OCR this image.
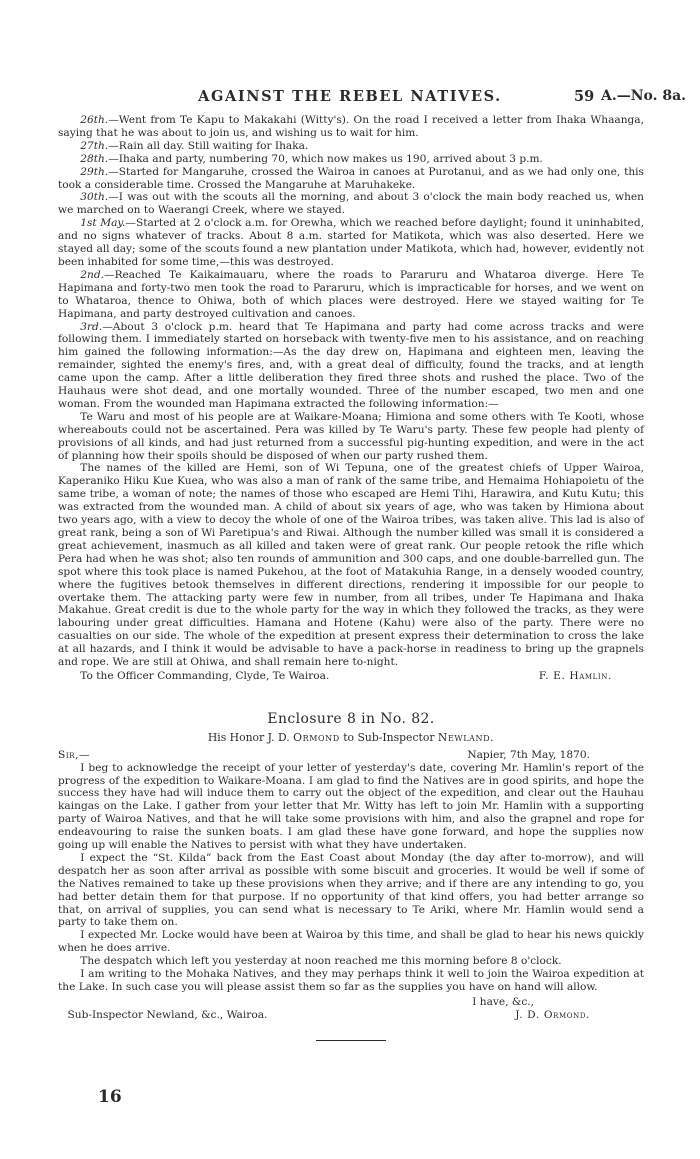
AGAINST THE REBEL NATIVES.	59 A.—No. 8a.

26th.—Went from Te Kapu to Makakahi (Witty's). On the road I received a letter from Ihaka Whaanga, saying that he was about to join us, and wishing us to wait for him.

27th.—Rain all day. Still waiting for Ihaka.

28th.—Ihaka and party, numbering 70, which now makes us 190, arrived about 3 p.m.

29th.—Started for Mangaruhe, crossed the Wairoa in canoes at Purotanui, and as we had only one, this took a considerable time. Crossed the Mangaruhe at Maruhakeke.

30th.—I was out with the scouts all the morning, and about 3 o'clock the main body reached us, when we marched on to Waerangi Creek, where we stayed.

1st May.—Started at 2 o'clock a.m. for Orewha, which we reached before daylight; found it uninhabited, and no signs whatever of tracks. About 8 a.m. started for Matikota, which was also deserted. Here we stayed all day; some of the scouts found a new plantation under Matikota, which had, however, evidently not been inhabited for some time,—this was destroyed.

2nd.—Reached Te Kaikaimauaru, where the roads to Pararuru and Whataroa diverge. Here Te Hapimana and forty-two men took the road to Pararuru, which is impracticable for horses, and we went on to Whataroa, thence to Ohiwa, both of which places were destroyed. Here we stayed waiting for Te Hapimana, and party destroyed cultivation and canoes.

3rd.—About 3 o'clock p.m. heard that Te Hapimana and party had come across tracks and were following them. I immediately started on horseback with twenty-five men to his assistance, and on reaching him gained the following information:—As the day drew on, Hapimana and eighteen men, leaving the remainder, sighted the enemy's fires, and, with a great deal of difficulty, found the tracks, and at length came upon the camp. After a little deliberation they fired three shots and rushed the place. Two of the Hauhaus were shot dead, and one mortally wounded. Three of the number escaped, two men and one woman. From the wounded man Hapimana extracted the following information:—

Te Waru and most of his people are at Waikare-Moana; Himiona and some others with Te Kooti, whose whereabouts could not be ascertained. Pera was killed by Te Waru's party. These few people had plenty of provisions of all kinds, and had just returned from a successful pig-hunting expedition, and were in the act of planning how their spoils should be disposed of when our party rushed them.

The names of the killed are Hemi, son of Wi Tepuna, one of the greatest chiefs of Upper Wairoa, Kaperaniko Hiku Kue Kuea, who was also a man of rank of the same tribe, and Hemaima Hohiapoietu of the same tribe, a woman of note; the names of those who escaped are Hemi Tihi, Harawira, and Kutu Kutu; this was extracted from the wounded man. A child of about six years of age, who was taken by Himiona about two years ago, with a view to decoy the whole of one of the Wairoa tribes, was taken alive. This lad is also of great rank, being a son of Wi Paretipua's and Riwai. Although the number killed was small it is considered a great achievement, inasmuch as all killed and taken were of great rank. Our people retook the rifle which Pera had when he was shot; also ten rounds of ammunition and 300 caps, and one double-barrelled gun. The spot where this took place is named Pukehou, at the foot of Matakuhia Range, in a densely wooded country, where the fugitives betook themselves in different directions, rendering it impossible for our people to overtake them. The attacking party were few in number, from all tribes, under Te Hapimana and Ihaka Makahue. Great credit is due to the whole party for the way in which they followed the tracks, as they were labouring under great difficulties. Hamana and Hotene (Kahu) were also of the party. There were no casualties on our side. The whole of the expedition at present express their determination to cross the lake at all hazards, and I think it would be advisable to have a pack-horse in readiness to bring up the grapnels and rope. We are still at Ohiwa, and shall remain here to-night.

To the Officer Commanding, Clyde, Te Wairoa.	F. E. Hamlin.
Enclosure 8 in No. 82.
His Honor J. D. Ormond to Sub-Inspector Newland.
Sir,—	Napier, 7th May, 1870.

I beg to acknowledge the receipt of your letter of yesterday's date, covering Mr. Hamlin's report of the progress of the expedition to Waikare-Moana. I am glad to find the Natives are in good spirits, and hope the success they have had will induce them to carry out the object of the expedition, and clear out the Hauhau kaingas on the Lake. I gather from your letter that Mr. Witty has left to join Mr. Hamlin with a supporting party of Wairoa Natives, and that he will take some provisions with him, and also the grapnel and rope for endeavouring to raise the sunken boats. I am glad these have gone forward, and hope the supplies now going up will enable the Natives to persist with what they have undertaken.

I expect the “St. Kilda” back from the East Coast about Monday (the day after to-morrow), and will despatch her as soon after arrival as possible with some biscuit and groceries. It would be well if some of the Natives remained to take up these provisions when they arrive; and if there are any intending to go, you had better detain them for that purpose. If no opportunity of that kind offers, you had better arrange so that, on arrival of supplies, you can send what is necessary to Te Ariki, where Mr. Hamlin would send a party to take them on.

I expected Mr. Locke would have been at Wairoa by this time, and shall be glad to hear his news quickly when he does arrive.

The despatch which left you yesterday at noon reached me this morning before 8 o'clock.

I am writing to the Mohaka Natives, and they may perhaps think it well to join the Wairoa expedition at the Lake. In such case you will please assist them so far as the supplies you have on hand will allow.

I have, &c.,
Sub-Inspector Newland, &c., Wairoa.	J. D. Ormond.
16
